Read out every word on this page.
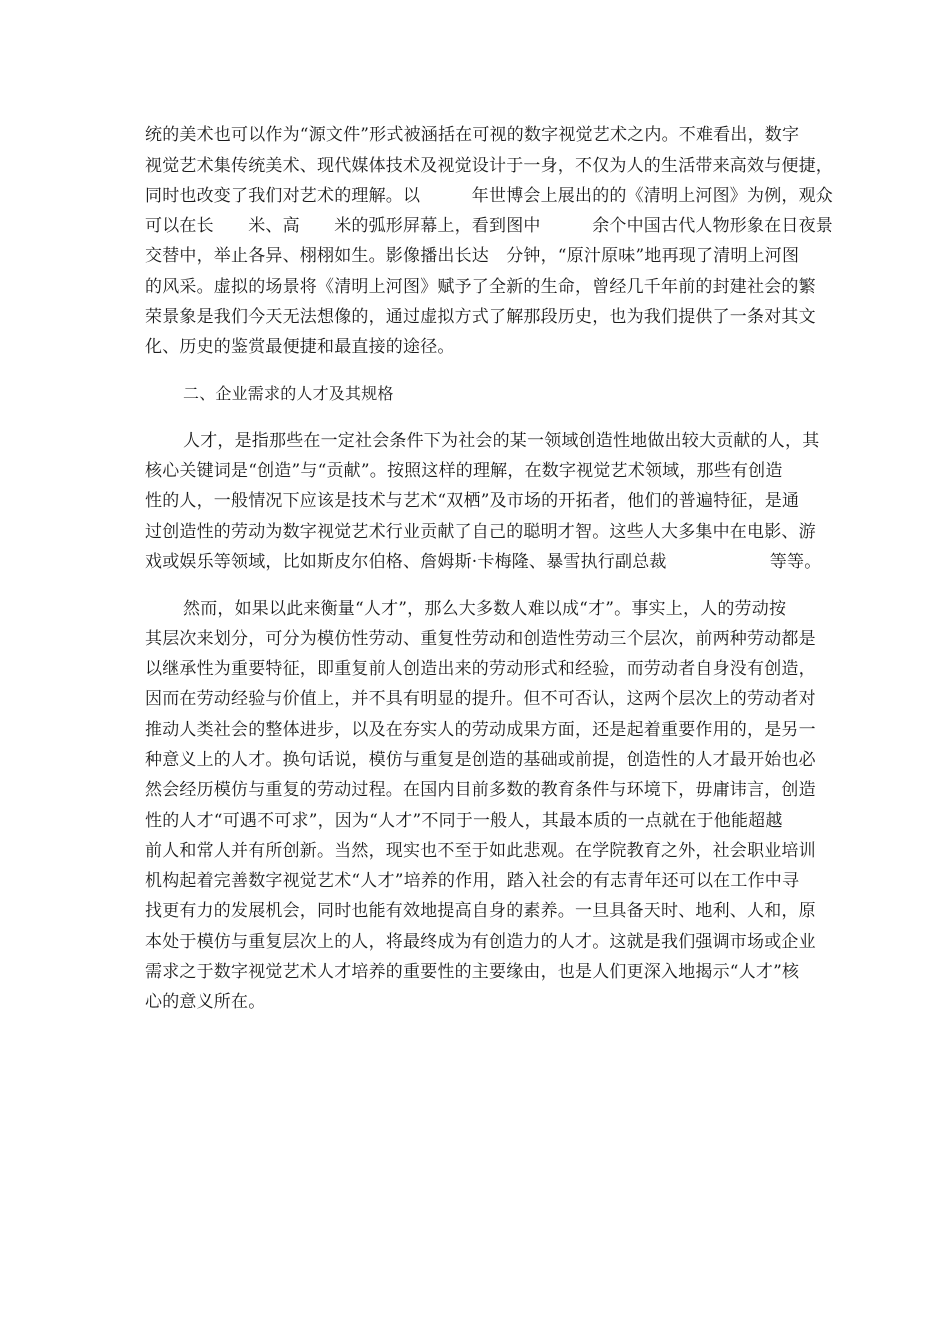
统的美术也可以作为“源文件”形式被涵括在可视的数字视觉艺术之内。不难看出，数字
视觉艺术集传统美术、现代媒体技术及视觉设计于一身，不仅为人的生活带来高效与便捷，
同时也改变了我们对艺术的理解。以　　　年世博会上展出的的《清明上河图》为例，观众
可以在长　　米、高　　米的弧形屏幕上，看到图中　　　余个中国古代人物形象在日夜景
交替中，举止各异、栩栩如生。影像播出长达　分钟，“原汁原味”地再现了清明上河图
的风采。虚拟的场景将《清明上河图》赋予了全新的生命，曾经几千年前的封建社会的繁
荣景象是我们今天无法想像的，通过虚拟方式了解那段历史，也为我们提供了一条对其文
化、历史的鉴赏最便捷和最直接的途径。
二、企业需求的人才及其规格
人才，是指那些在一定社会条件下为社会的某一领域创造性地做出较大贡献的人，其
核心关键词是“创造”与“贡献”。按照这样的理解，在数字视觉艺术领域，那些有创造
性的人，一般情况下应该是技术与艺术“双栖”及市场的开拓者，他们的普遍特征，是通
过创造性的劳动为数字视觉艺术行业贡献了自己的聪明才智。这些人大多集中在电影、游
戏或娱乐等领域，比如斯皮尔伯格、詹姆斯·卡梅隆、暴雪执行副总裁　　　　　　等等。
然而，如果以此来衡量“人才”，那么大多数人难以成“才”。事实上，人的劳动按
其层次来划分，可分为模仿性劳动、重复性劳动和创造性劳动三个层次，前两种劳动都是
以继承性为重要特征，即重复前人创造出来的劳动形式和经验，而劳动者自身没有创造，
因而在劳动经验与价值上，并不具有明显的提升。但不可否认，这两个层次上的劳动者对
推动人类社会的整体进步，以及在夯实人的劳动成果方面，还是起着重要作用的，是另一
种意义上的人才。换句话说，模仿与重复是创造的基础或前提，创造性的人才最开始也必
然会经历模仿与重复的劳动过程。在国内目前多数的教育条件与环境下，毋庸讳言，创造
性的人才“可遇不可求”，因为“人才”不同于一般人，其最本质的一点就在于他能超越
前人和常人并有所创新。当然，现实也不至于如此悲观。在学院教育之外，社会职业培训
机构起着完善数字视觉艺术“人才”培养的作用，踏入社会的有志青年还可以在工作中寻
找更有力的发展机会，同时也能有效地提高自身的素养。一旦具备天时、地利、人和，原
本处于模仿与重复层次上的人，将最终成为有创造力的人才。这就是我们强调市场或企业
需求之于数字视觉艺术人才培养的重要性的主要缘由，也是人们更深入地揭示“人才”核
心的意义所在。
